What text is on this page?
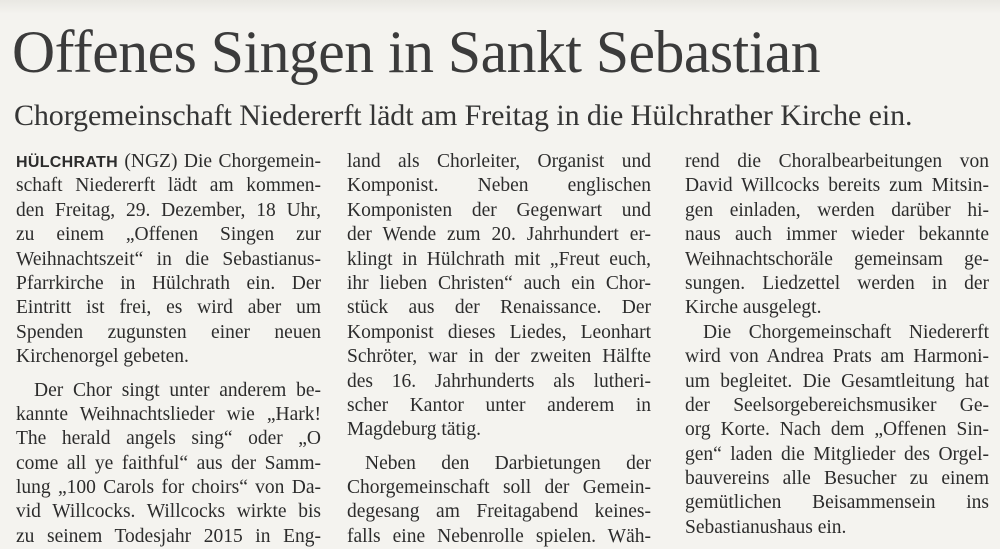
Offenes Singen in Sankt Sebastian
Chorgemeinschaft Niedererft lädt am Freitag in die Hülchrather Kirche ein.
HÜLCHRATH (NGZ) Die Chorgemein-
schaft Niedererft lädt am kommen-
den Freitag, 29. Dezember, 18 Uhr,
zu einem „Offenen Singen zur
Weihnachtszeit“ in die Sebastianus-
Pfarrkirche in Hülchrath ein. Der
Eintritt ist frei, es wird aber um
Spenden zugunsten einer neuen
Kirchenorgel gebeten.
Der Chor singt unter anderem be-
kannte Weihnachtslieder wie „Hark!
The herald angels sing“ oder „O
come all ye faithful“ aus der Samm-
lung „100 Carols for choirs“ von Da-
vid Willcocks. Willcocks wirkte bis
zu seinem Todesjahr 2015 in Eng-
land als Chorleiter, Organist und
Komponist. Neben englischen
Komponisten der Gegenwart und
der Wende zum 20. Jahrhundert er-
klingt in Hülchrath mit „Freut euch,
ihr lieben Christen“ auch ein Chor-
stück aus der Renaissance. Der
Komponist dieses Liedes, Leonhart
Schröter, war in der zweiten Hälfte
des 16. Jahrhunderts als lutheri-
scher Kantor unter anderem in
Magdeburg tätig.
Neben den Darbietungen der
Chorgemeinschaft soll der Gemein-
degesang am Freitagabend keines-
falls eine Nebenrolle spielen. Wäh-
rend die Choralbearbeitungen von
David Willcocks bereits zum Mitsin-
gen einladen, werden darüber hi-
naus auch immer wieder bekannte
Weihnachtschoräle gemeinsam ge-
sungen. Liedzettel werden in der
Kirche ausgelegt.
Die Chorgemeinschaft Niedererft
wird von Andrea Prats am Harmoni-
um begleitet. Die Gesamtleitung hat
der Seelsorgebereichsmusiker Ge-
org Korte. Nach dem „Offenen Sin-
gen“ laden die Mitglieder des Orgel-
bauvereins alle Besucher zu einem
gemütlichen Beisammensein ins
Sebastianushaus ein.
